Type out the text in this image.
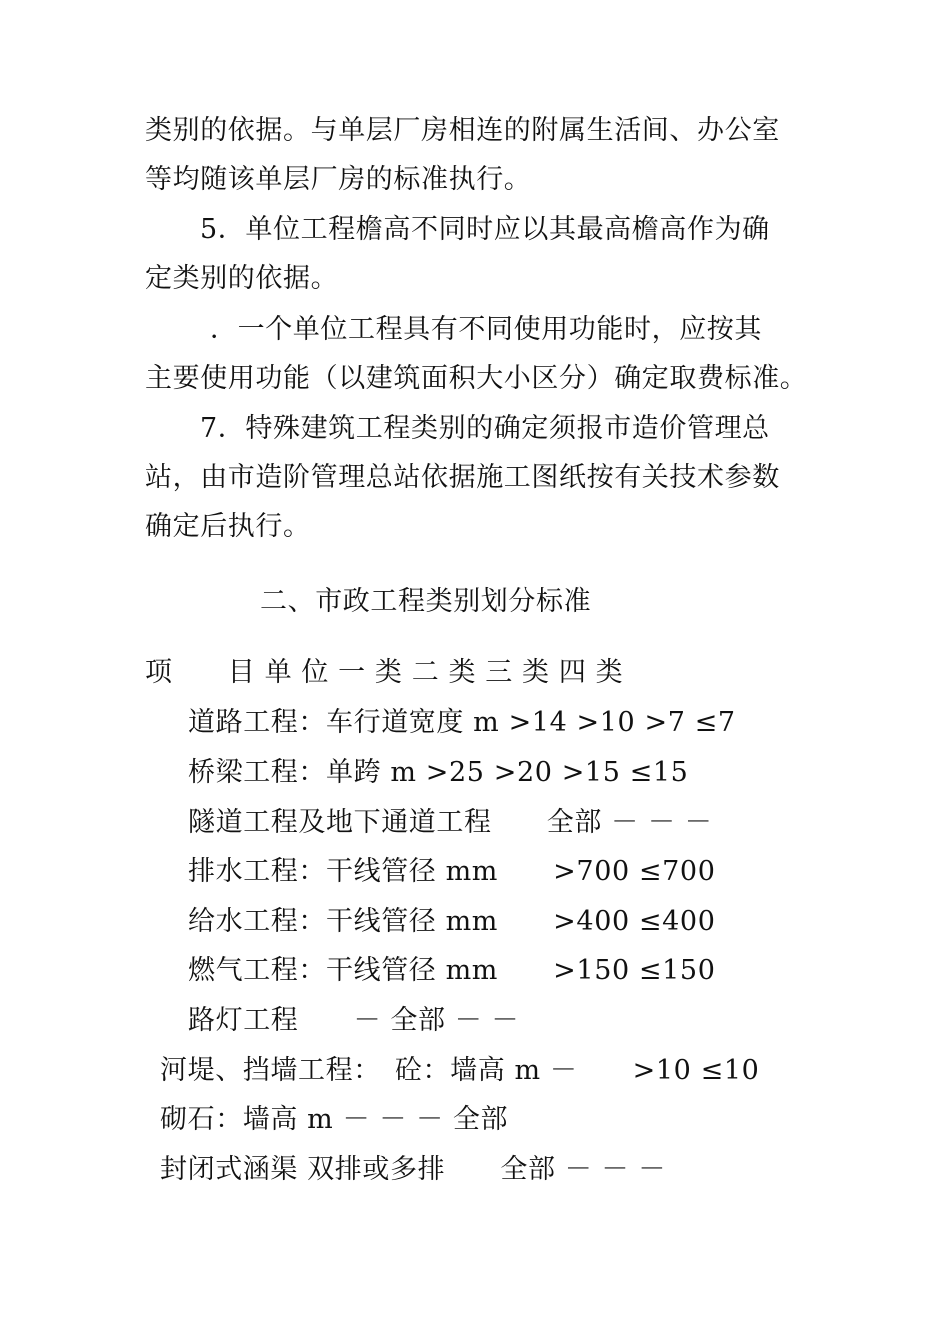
类别的依据。与单层厂房相连的附属生活间、办公室
等均随该单层厂房的标准执行。
5．单位工程檐高不同时应以其最高檐高作为确
定类别的依据。
．一个单位工程具有不同使用功能时，应按其
主要使用功能（以建筑面积大小区分）确定取费标准。
7．特殊建筑工程类别的确定须报市造价管理总
站，由市造阶管理总站依据施工图纸按有关技术参数
确定后执行。
二、市政工程类别划分标准
项　　目 单 位 一 类 二 类 三 类 四 类
道路工程：车行道宽度 m >14 >10 >7 ≤7
桥梁工程：单跨 m >25 >20 >15 ≤15
隧道工程及地下通道工程　　全部 － － －
排水工程：干线管径 mm　　>700 ≤700
给水工程：干线管径 mm　　>400 ≤400
燃气工程：干线管径 mm　　>150 ≤150
路灯工程　　－ 全部 － －
河堤、挡墙工程：　砼：墙高 m －　　>10 ≤10
砌石：墙高 m － － － 全部
封闭式涵渠 双排或多排　　全部 － － －
